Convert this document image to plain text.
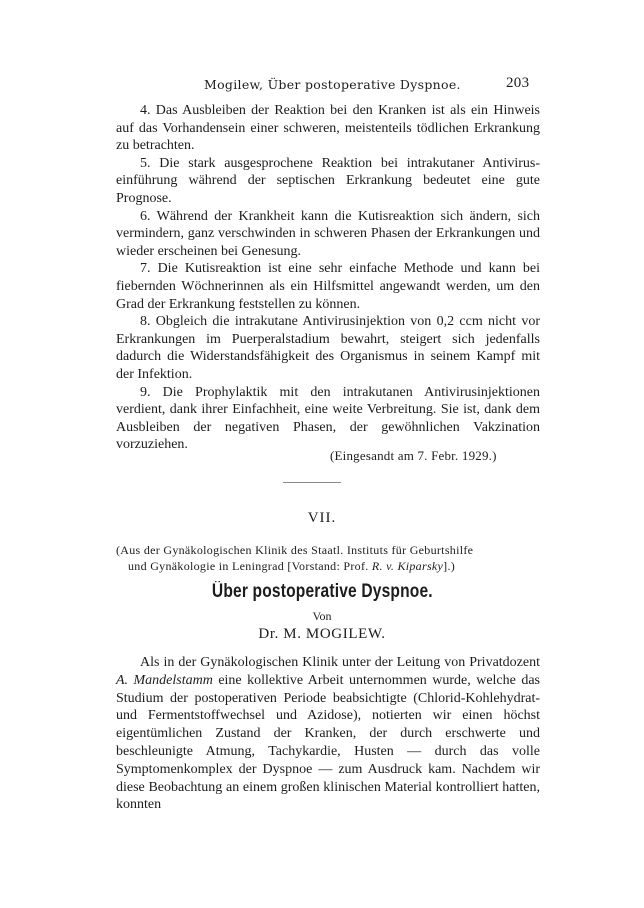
Mogilew, Über postoperative Dyspnoe.	203

4. Das Ausbleiben der Reaktion bei den Kranken ist als ein Hinweis auf das Vorhandensein einer schweren, meistenteils tödlichen Erkrankung zu betrachten.

5. Die stark ausgesprochene Reaktion bei intrakutaner Antiviruseinführung während der septischen Erkrankung bedeutet eine gute Prognose.

6. Während der Krankheit kann die Kutisreaktion sich ändern, sich vermindern, ganz verschwinden in schweren Phasen der Erkrankungen und wieder erscheinen bei Genesung.

7. Die Kutisreaktion ist eine sehr einfache Methode und kann bei fiebernden Wöchnerinnen als ein Hilfsmittel angewandt werden, um den Grad der Erkrankung feststellen zu können.

8. Obgleich die intrakutane Antivirusinjektion von 0,2 ccm nicht vor Erkrankungen im Puerperalstadium bewahrt, steigert sich jedenfalls dadurch die Widerstandsfähigkeit des Organismus in seinem Kampf mit der Infektion.

9. Die Prophylaktik mit den intrakutanen Antivirusinjektionen verdient, dank ihrer Einfachheit, eine weite Verbreitung. Sie ist, dank dem Ausbleiben der negativen Phasen, der gewöhnlichen Vakzination vorzuziehen.

(Eingesandt am 7. Febr. 1929.)
VII.
(Aus der Gynäkologischen Klinik des Staatl. Instituts für Geburtshilfe
und Gynäkologie in Leningrad [Vorstand: Prof. R. v. Kiparsky].)
Über postoperative Dyspnoe.
Von
Dr. M. MOGILEW.

Als in der Gynäkologischen Klinik unter der Leitung von Privatdozent A. Mandelstamm eine kollektive Arbeit unternommen wurde, welche das Studium der postoperativen Periode beabsichtigte (Chlorid-Kohlehydrat- und Fermentstoffwechsel und Azidose), notierten wir einen höchst eigentümlichen Zustand der Kranken, der durch erschwerte und beschleunigte Atmung, Tachykardie, Husten — durch das volle Symptomenkomplex der Dyspnoe — zum Ausdruck kam. Nachdem wir diese Beobachtung an einem großen klinischen Material kontrolliert hatten, konnten
